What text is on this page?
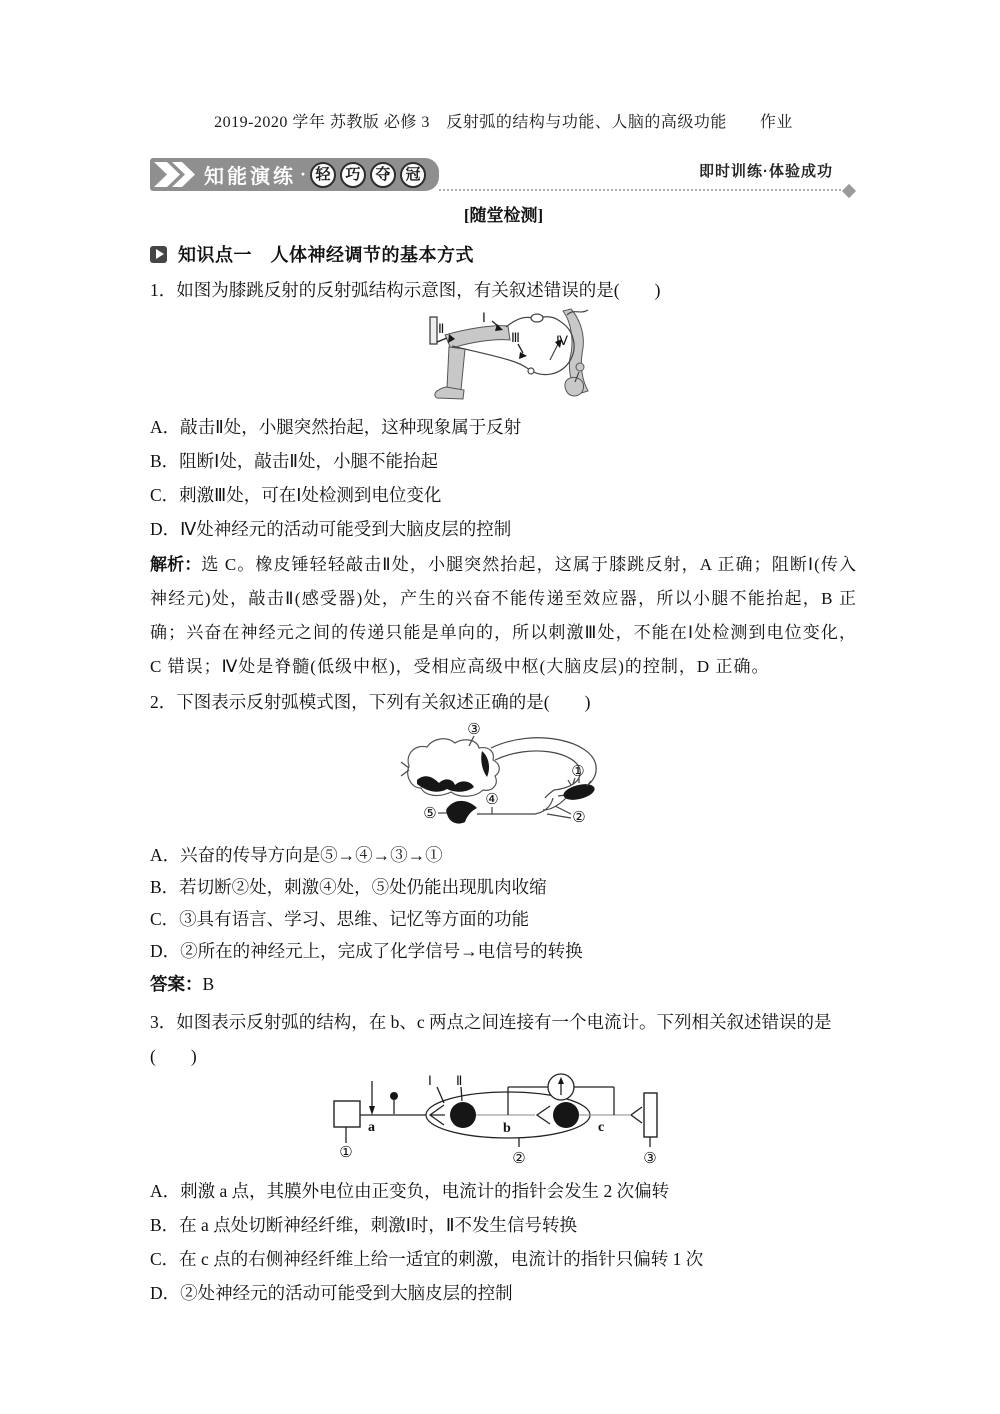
2019-2020 学年 苏教版 必修 3　反射弧的结构与功能、人脑的高级功能　　作业
知能演练 · 轻 巧 夺 冠	即时训练·体验成功
[随堂检测]
知识点一　人体神经调节的基本方式
1．如图为膝跳反射的反射弧结构示意图，有关叙述错误的是(　　)
Ⅰ
Ⅱ
Ⅲ	Ⅳ
A．敲击Ⅱ处，小腿突然抬起，这种现象属于反射
B．阻断Ⅰ处，敲击Ⅱ处，小腿不能抬起
C．刺激Ⅲ处，可在Ⅰ处检测到电位变化
D．Ⅳ处神经元的活动可能受到大脑皮层的控制

解析：选 C。橡皮锤轻轻敲击Ⅱ处，小腿突然抬起，这属于膝跳反射，A 正确；阻断Ⅰ(传入神经元)处，敲击Ⅱ(感受器)处，产生的兴奋不能传递至效应器，所以小腿不能抬起，B 正确；兴奋在神经元之间的传递只能是单向的，所以刺激Ⅲ处，不能在Ⅰ处检测到电位变化，C 错误；Ⅳ处是脊髓(低级中枢)，受相应高级中枢(大脑皮层)的控制，D 正确。

2．下图表示反射弧模式图，下列有关叙述正确的是(　　)
③
①
②
④
⑤
A．兴奋的传导方向是⑤→④→③→①
B．若切断②处，刺激④处，⑤处仍能出现肌肉收缩
C．③具有语言、学习、思维、记忆等方面的功能
D．②所在的神经元上，完成了化学信号→电信号的转换
答案：B
3．如图表示反射弧的结构，在 b、c 两点之间连接有一个电流计。下列相关叙述错误的是
(　　)
Ⅰ Ⅱ
a	b	c
①	②	③
A．刺激 a 点，其膜外电位由正变负，电流计的指针会发生 2 次偏转
B．在 a 点处切断神经纤维，刺激Ⅰ时，Ⅱ不发生信号转换
C．在 c 点的右侧神经纤维上给一适宜的刺激，电流计的指针只偏转 1 次
D．②处神经元的活动可能受到大脑皮层的控制
